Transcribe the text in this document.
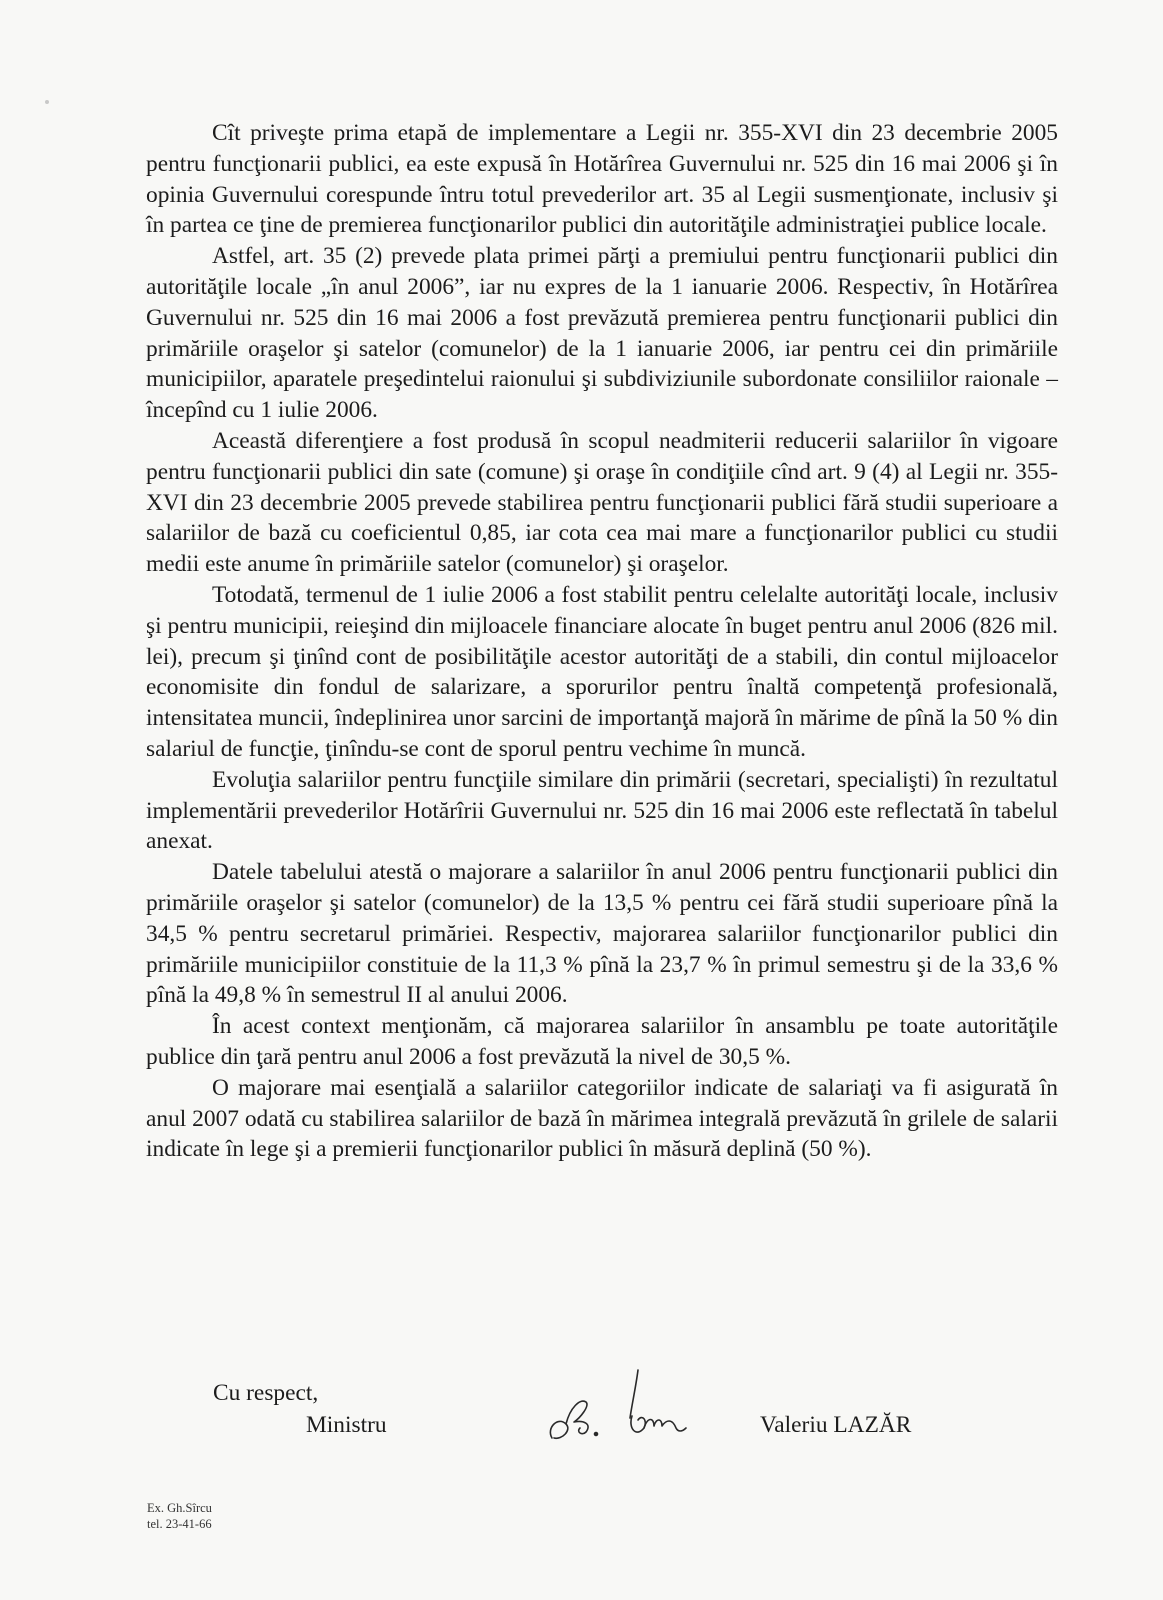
Cît priveşte prima etapă de implementare a Legii nr. 355-XVI din 23 decembrie 2005 pentru funcţionarii publici, ea este expusă în Hotărîrea Guvernului nr. 525 din 16 mai 2006 şi în opinia Guvernului corespunde întru totul prevederilor art. 35 al Legii susmenţionate, inclusiv şi în partea ce ţine de premierea funcţionarilor publici din autorităţile administraţiei publice locale.

Astfel, art. 35 (2) prevede plata primei părţi a premiului pentru funcţionarii publici din autorităţile locale „în anul 2006”, iar nu expres de la 1 ianuarie 2006. Respectiv, în Hotărîrea Guvernului nr. 525 din 16 mai 2006 a fost prevăzută premierea pentru funcţionarii publici din primăriile oraşelor şi satelor (comunelor) de la 1 ianuarie 2006, iar pentru cei din primăriile municipiilor, aparatele preşedintelui raionului şi subdiviziunile subordonate consiliilor raionale – începînd cu 1 iulie 2006.

Această diferenţiere a fost produsă în scopul neadmiterii reducerii salariilor în vigoare pentru funcţionarii publici din sate (comune) şi oraşe în condiţiile cînd art. 9 (4) al Legii nr. 355-XVI din 23 decembrie 2005 prevede stabilirea pentru funcţionarii publici fără studii superioare a salariilor de bază cu coeficientul 0,85, iar cota cea mai mare a funcţionarilor publici cu studii medii este anume în primăriile satelor (comunelor) şi oraşelor.

Totodată, termenul de 1 iulie 2006 a fost stabilit pentru celelalte autorităţi locale, inclusiv şi pentru municipii, reieşind din mijloacele financiare alocate în buget pentru anul 2006 (826 mil. lei), precum şi ţinînd cont de posibilităţile acestor autorităţi de a stabili, din contul mijloacelor economisite din fondul de salarizare, a sporurilor pentru înaltă competenţă profesională, intensitatea muncii, îndeplinirea unor sarcini de importanţă majoră în mărime de pînă la 50 % din salariul de funcţie, ţinîndu-se cont de sporul pentru vechime în muncă.

Evoluţia salariilor pentru funcţiile similare din primării (secretari, specialişti) în rezultatul implementării prevederilor Hotărîrii Guvernului nr. 525 din 16 mai 2006 este reflectată în tabelul anexat.

Datele tabelului atestă o majorare a salariilor în anul 2006 pentru funcţionarii publici din primăriile oraşelor şi satelor (comunelor) de la 13,5 % pentru cei fără studii superioare pînă la 34,5 % pentru secretarul primăriei. Respectiv, majorarea salariilor funcţionarilor publici din primăriile municipiilor constituie de la 11,3 % pînă la 23,7 % în primul semestru şi de la 33,6 % pînă la 49,8 % în semestrul II al anului 2006.

În acest context menţionăm, că majorarea salariilor în ansamblu pe toate autorităţile publice din ţară pentru anul 2006 a fost prevăzută la nivel de 30,5 %.

O majorare mai esenţială a salariilor categoriilor indicate de salariaţi va fi asigurată în anul 2007 odată cu stabilirea salariilor de bază în mărimea integrală prevăzută în grilele de salarii indicate în lege şi a premierii funcţionarilor publici în măsură deplină (50 %).

Cu respect,
Ministru	Valeriu LAZĂR
Ex. Gh.Sîrcu
tel. 23-41-66
